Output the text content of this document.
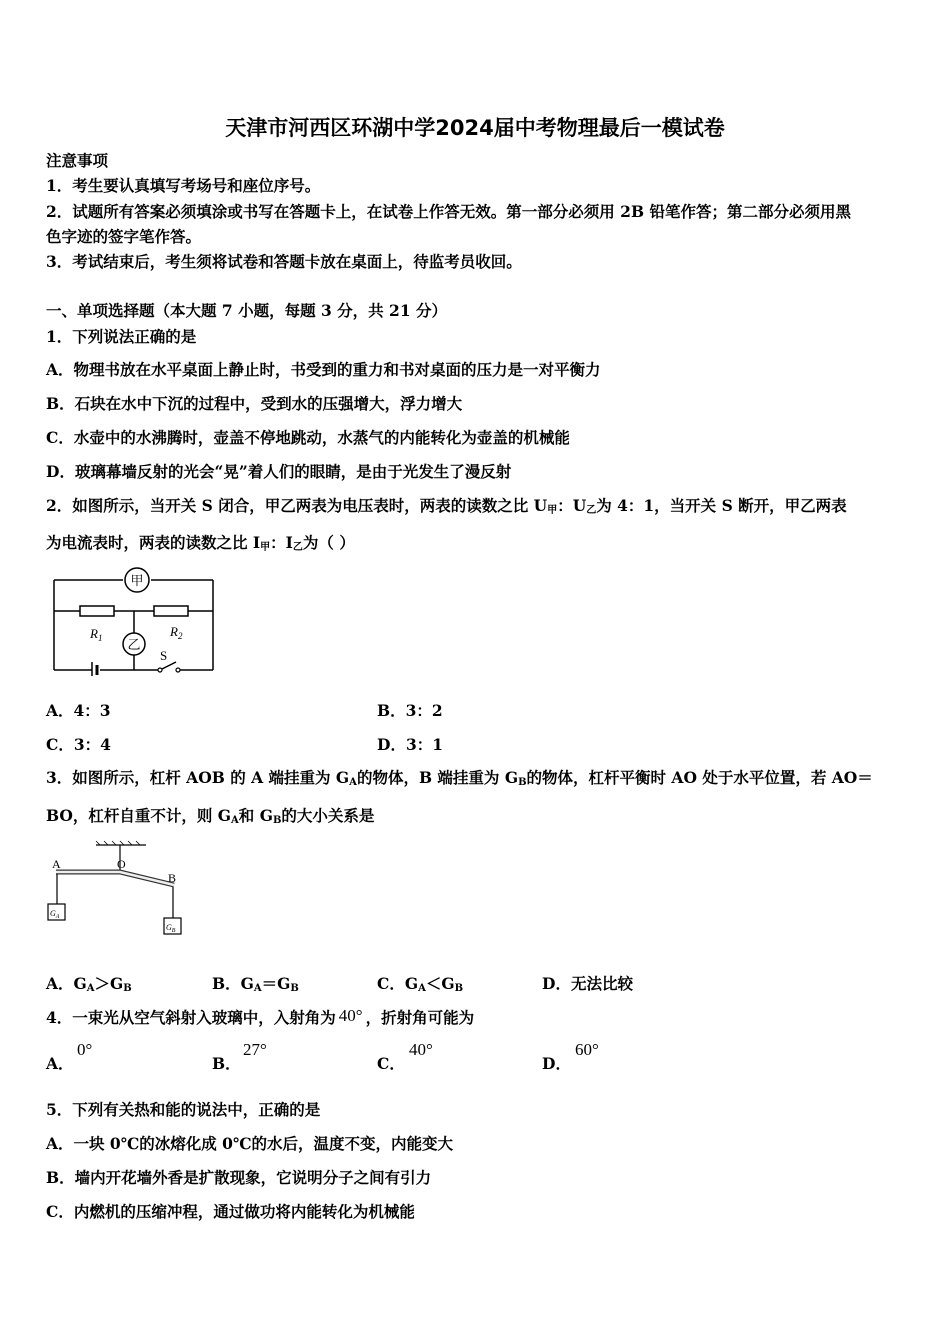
天津市河西区环湖中学2024届中考物理最后一模试卷
注意事项
1．考生要认真填写考场号和座位序号。
2．试题所有答案必须填涂或书写在答题卡上，在试卷上作答无效。第一部分必须用 2B 铅笔作答；第二部分必须用黑
色字迹的签字笔作答。
3．考试结束后，考生须将试卷和答题卡放在桌面上，待监考员收回。
一、单项选择题（本大题 7 小题，每题 3 分，共 21 分）
1．下列说法正确的是
A．物理书放在水平桌面上静止时，书受到的重力和书对桌面的压力是一对平衡力
B．石块在水中下沉的过程中，受到水的压强增大，浮力增大
C．水壶中的水沸腾时，壶盖不停地跳动，水蒸气的内能转化为壶盖的机械能
D．玻璃幕墙反射的光会“晃”着人们的眼睛，是由于光发生了漫反射
2．如图所示，当开关 S 闭合，甲乙两表为电压表时，两表的读数之比 $U_甲$：$U_乙$为 4：1，当开关 S 断开，甲乙两表
为电流表时，两表的读数之比 $I_甲$：$I_乙$为（ ）
甲
乙
$R_1$	$R_2$
S
A．4：3	B．3：2
C．3：4	D．3：1
3．如图所示，杠杆 AOB 的 A 端挂重为 $G_A$的物体，B 端挂重为 $G_B$的物体，杠杆平衡时 AO 处于水平位置，若 AO＝
BO，杠杆自重不计，则 $G_A$和 $G_B$的大小关系是
A	O
B
$G_A$
$G_B$
A．$G_A>G_B$	B．$G_A=G_B$	C．$G_A<G_B$	D．无法比较
4．一束光从空气斜射入玻璃中，入射角为 40° ，折射角可能为
A．
0°
B．
27°
C．
40°
D．
60°
5．下列有关热和能的说法中，正确的是
A．一块 0℃的冰熔化成 0℃的水后，温度不变，内能变大
B．墙内开花墙外香是扩散现象，它说明分子之间有引力
C．内燃机的压缩冲程，通过做功将内能转化为机械能
